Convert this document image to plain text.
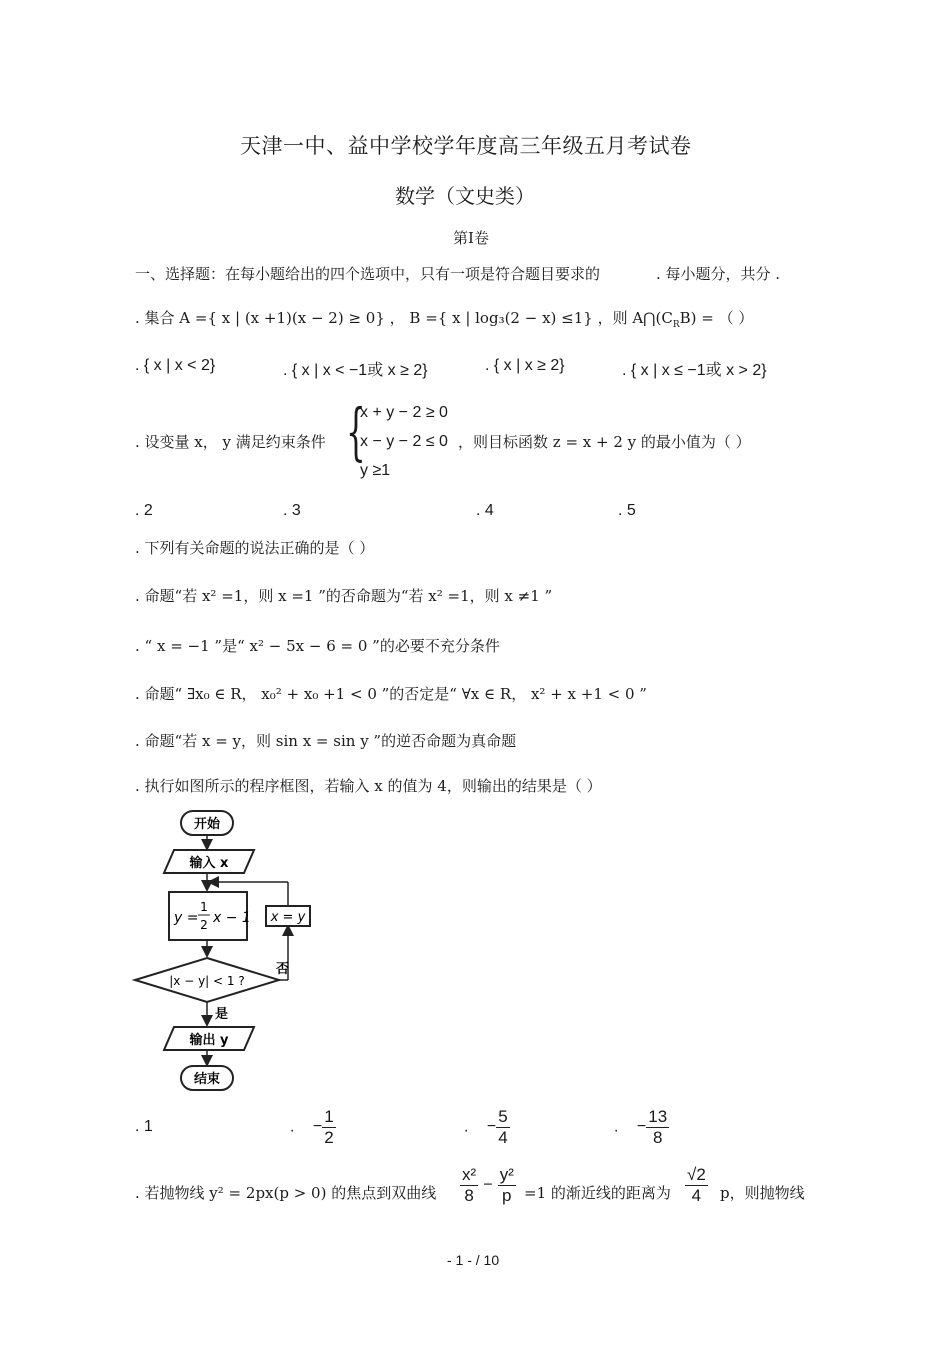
天津一中、益中学校学年度高三年级五月考试卷
数学（文史类）
第Ⅰ卷
一、选择题：在每小题给出的四个选项中，只有一项是符合题目要求的	. 每小题分，共分 .
. 集合 A ={ x | (x +1)(x − 2) ≥ 0} ， B ={ x | log₃(2 − x) ≤1} ，则 $A⋂(C_RB)$ = （ ）
. { x | x < 2}	. { x | x < −1或 x ≥ 2}	. { x | x ≥ 2}	. { x | x ≤ −1或 x > 2}
. 设变量 x， y 满足约束条件 {
x + y − 2 ≥ 0
x − y − 2 ≤ 0
y ≥1
，则目标函数 z = x + 2 y 的最小值为（ ）
. 2	. 3	. 4	. 5
. 下列有关命题的说法正确的是（ ）
. 命题“若 x² =1，则 x =1 ”的否命题为“若 x² =1，则 x ≠1 ”
. “ x = −1 ”是“ x² − 5x − 6 = 0 ”的必要不充分条件
. 命题“ ∃x₀ ∈ R， x₀² + x₀ +1 < 0 ”的否定是“ ∀x ∈ R， x² + x +1 < 0 ”
. 命题“若 x = y，则 sin x = sin y ”的逆否命题为真命题
. 执行如图所示的程序框图，若输入 x 的值为 4，则输出的结果是（ ）
开始
输入 x
y =
1
2 x − 1
|x − y| < 1 ?
否
x = y
是
输出 y
结束
. 1	. − $\frac{1}{2}$	. − $\frac{5}{4}$	. − $\frac{13}{8}$
. 若抛物线 y² = 2px(p > 0) 的焦点到双曲线 $\frac{\text{x²}}{8} - \frac{\text{y²}}{p} =1$ 的渐近线的距离为 $\frac{√2}{4}$ p，则抛物线
- 1 - / 10
